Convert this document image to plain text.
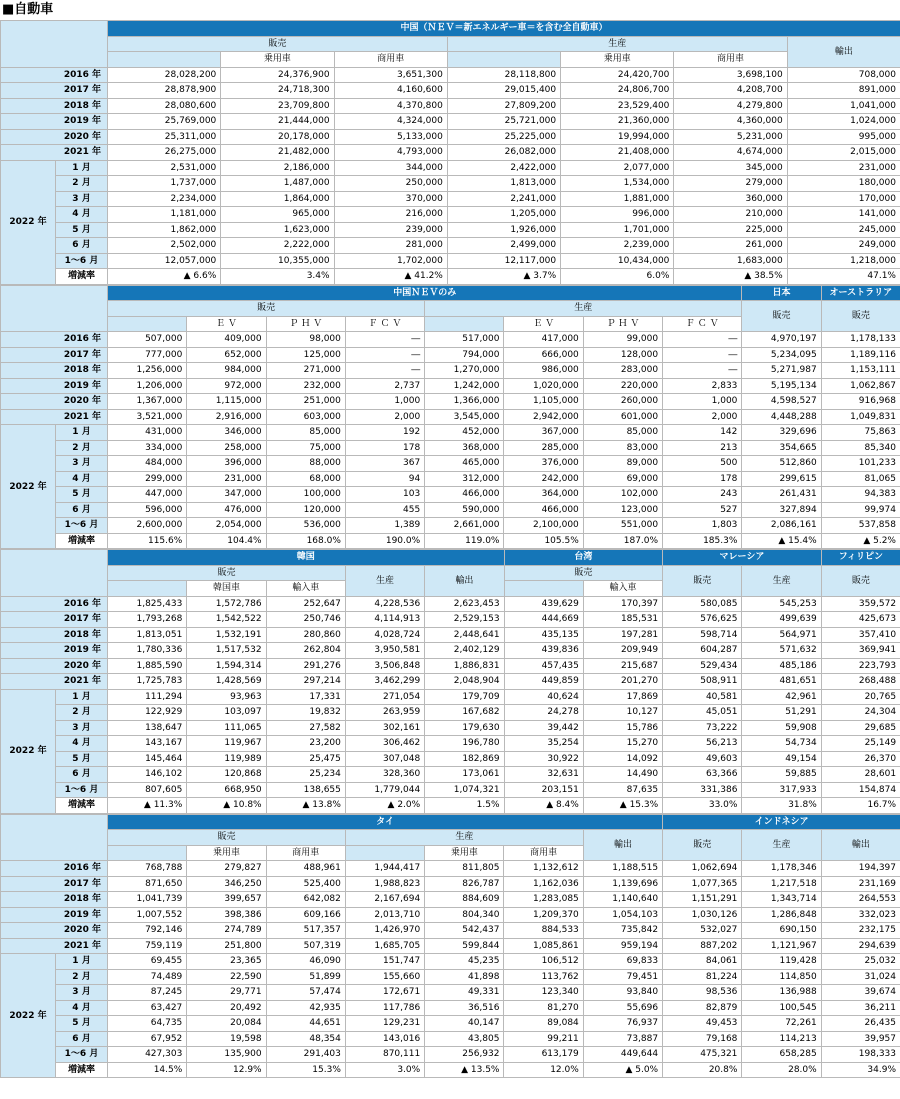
■自動車
		中国（ＮＥＶ＝新エネルギー車＝を含む全自動車）						
		販売			生産			輸出
			乗用車	商用車		乗用車	商用車	
2016 年		28,028,200	24,376,900	3,651,300	28,118,800	24,420,700	3,698,100	708,000
2017 年		28,878,900	24,718,300	4,160,600	29,015,400	24,806,700	4,208,700	891,000
2018 年		28,080,600	23,709,800	4,370,800	27,809,200	23,529,400	4,279,800	1,041,000
2019 年		25,769,000	21,444,000	4,324,000	25,721,000	21,360,000	4,360,000	1,024,000
2020 年		25,311,000	20,178,000	5,133,000	25,225,000	19,994,000	5,231,000	995,000
2021 年		26,275,000	21,482,000	4,793,000	26,082,000	21,408,000	4,674,000	2,015,000
2022 年	1 月	2,531,000	2,186,000	344,000	2,422,000	2,077,000	345,000	231,000
	2 月	1,737,000	1,487,000	250,000	1,813,000	1,534,000	279,000	180,000
	3 月	2,234,000	1,864,000	370,000	2,241,000	1,881,000	360,000	170,000
	4 月	1,181,000	965,000	216,000	1,205,000	996,000	210,000	141,000
	5 月	1,862,000	1,623,000	239,000	1,926,000	1,701,000	225,000	245,000
	6 月	2,502,000	2,222,000	281,000	2,499,000	2,239,000	261,000	249,000
	1～6 月	12,057,000	10,355,000	1,702,000	12,117,000	10,434,000	1,683,000	1,218,000
	増減率	▲ 6.6%	3.4%	▲ 41.2%	▲ 3.7%	6.0%	▲ 38.5%	47.1%
		中国ＮＥＶのみ								日本	オーストラリア
		販売				生産				販売	販売
			Ｅ Ｖ	Ｐ Ｈ Ｖ	Ｆ Ｃ Ｖ		Ｅ Ｖ	Ｐ Ｈ Ｖ	Ｆ Ｃ Ｖ		
2016 年		507,000	409,000	98,000	―	517,000	417,000	99,000	―	4,970,197	1,178,133
2017 年		777,000	652,000	125,000	―	794,000	666,000	128,000	―	5,234,095	1,189,116
2018 年		1,256,000	984,000	271,000	―	1,270,000	986,000	283,000	―	5,271,987	1,153,111
2019 年		1,206,000	972,000	232,000	2,737	1,242,000	1,020,000	220,000	2,833	5,195,134	1,062,867
2020 年		1,367,000	1,115,000	251,000	1,000	1,366,000	1,105,000	260,000	1,000	4,598,527	916,968
2021 年		3,521,000	2,916,000	603,000	2,000	3,545,000	2,942,000	601,000	2,000	4,448,288	1,049,831
2022 年	1 月	431,000	346,000	85,000	192	452,000	367,000	85,000	142	329,696	75,863
	2 月	334,000	258,000	75,000	178	368,000	285,000	83,000	213	354,665	85,340
	3 月	484,000	396,000	88,000	367	465,000	376,000	89,000	500	512,860	101,233
	4 月	299,000	231,000	68,000	94	312,000	242,000	69,000	178	299,615	81,065
	5 月	447,000	347,000	100,000	103	466,000	364,000	102,000	243	261,431	94,383
	6 月	596,000	476,000	120,000	455	590,000	466,000	123,000	527	327,894	99,974
	1～6 月	2,600,000	2,054,000	536,000	1,389	2,661,000	2,100,000	551,000	1,803	2,086,161	537,858
	増減率	115.6%	104.4%	168.0%	190.0%	119.0%	105.5%	187.0%	185.3%	▲ 15.4%	▲ 5.2%
		韓国					台湾		マレーシア		フィリピン
		販売			生産	輸出	販売		販売	生産	販売
			韓国車	輸入車				輸入車			
2016 年		1,825,433	1,572,786	252,647	4,228,536	2,623,453	439,629	170,397	580,085	545,253	359,572
2017 年		1,793,268	1,542,522	250,746	4,114,913	2,529,153	444,669	185,531	576,625	499,639	425,673
2018 年		1,813,051	1,532,191	280,860	4,028,724	2,448,641	435,135	197,281	598,714	564,971	357,410
2019 年		1,780,336	1,517,532	262,804	3,950,581	2,402,129	439,836	209,949	604,287	571,632	369,941
2020 年		1,885,590	1,594,314	291,276	3,506,848	1,886,831	457,435	215,687	529,434	485,186	223,793
2021 年		1,725,783	1,428,569	297,214	3,462,299	2,048,904	449,859	201,270	508,911	481,651	268,488
2022 年	1 月	111,294	93,963	17,331	271,054	179,709	40,624	17,869	40,581	42,961	20,765
	2 月	122,929	103,097	19,832	263,959	167,682	24,278	10,127	45,051	51,291	24,304
	3 月	138,647	111,065	27,582	302,161	179,630	39,442	15,786	73,222	59,908	29,685
	4 月	143,167	119,967	23,200	306,462	196,780	35,254	15,270	56,213	54,734	25,149
	5 月	145,464	119,989	25,475	307,048	182,869	30,922	14,092	49,603	49,154	26,370
	6 月	146,102	120,868	25,234	328,360	173,061	32,631	14,490	63,366	59,885	28,601
	1～6 月	807,605	668,950	138,655	1,779,044	1,074,321	203,151	87,635	331,386	317,933	154,874
	増減率	▲ 11.3%	▲ 10.8%	▲ 13.8%	▲ 2.0%	1.5%	▲ 8.4%	▲ 15.3%	33.0%	31.8%	16.7%
		タイ							インドネシア		
		販売			生産			輸出	販売	生産	輸出
			乗用車	商用車		乗用車	商用車				
2016 年		768,788	279,827	488,961	1,944,417	811,805	1,132,612	1,188,515	1,062,694	1,178,346	194,397
2017 年		871,650	346,250	525,400	1,988,823	826,787	1,162,036	1,139,696	1,077,365	1,217,518	231,169
2018 年		1,041,739	399,657	642,082	2,167,694	884,609	1,283,085	1,140,640	1,151,291	1,343,714	264,553
2019 年		1,007,552	398,386	609,166	2,013,710	804,340	1,209,370	1,054,103	1,030,126	1,286,848	332,023
2020 年		792,146	274,789	517,357	1,426,970	542,437	884,533	735,842	532,027	690,150	232,175
2021 年		759,119	251,800	507,319	1,685,705	599,844	1,085,861	959,194	887,202	1,121,967	294,639
2022 年	1 月	69,455	23,365	46,090	151,747	45,235	106,512	69,833	84,061	119,428	25,032
	2 月	74,489	22,590	51,899	155,660	41,898	113,762	79,451	81,224	114,850	31,024
	3 月	87,245	29,771	57,474	172,671	49,331	123,340	93,840	98,536	136,988	39,674
	4 月	63,427	20,492	42,935	117,786	36,516	81,270	55,696	82,879	100,545	36,211
	5 月	64,735	20,084	44,651	129,231	40,147	89,084	76,937	49,453	72,261	26,435
	6 月	67,952	19,598	48,354	143,016	43,805	99,211	73,887	79,168	114,213	39,957
	1～6 月	427,303	135,900	291,403	870,111	256,932	613,179	449,644	475,321	658,285	198,333
	増減率	14.5%	12.9%	15.3%	3.0%	▲ 13.5%	12.0%	▲ 5.0%	20.8%	28.0%	34.9%
